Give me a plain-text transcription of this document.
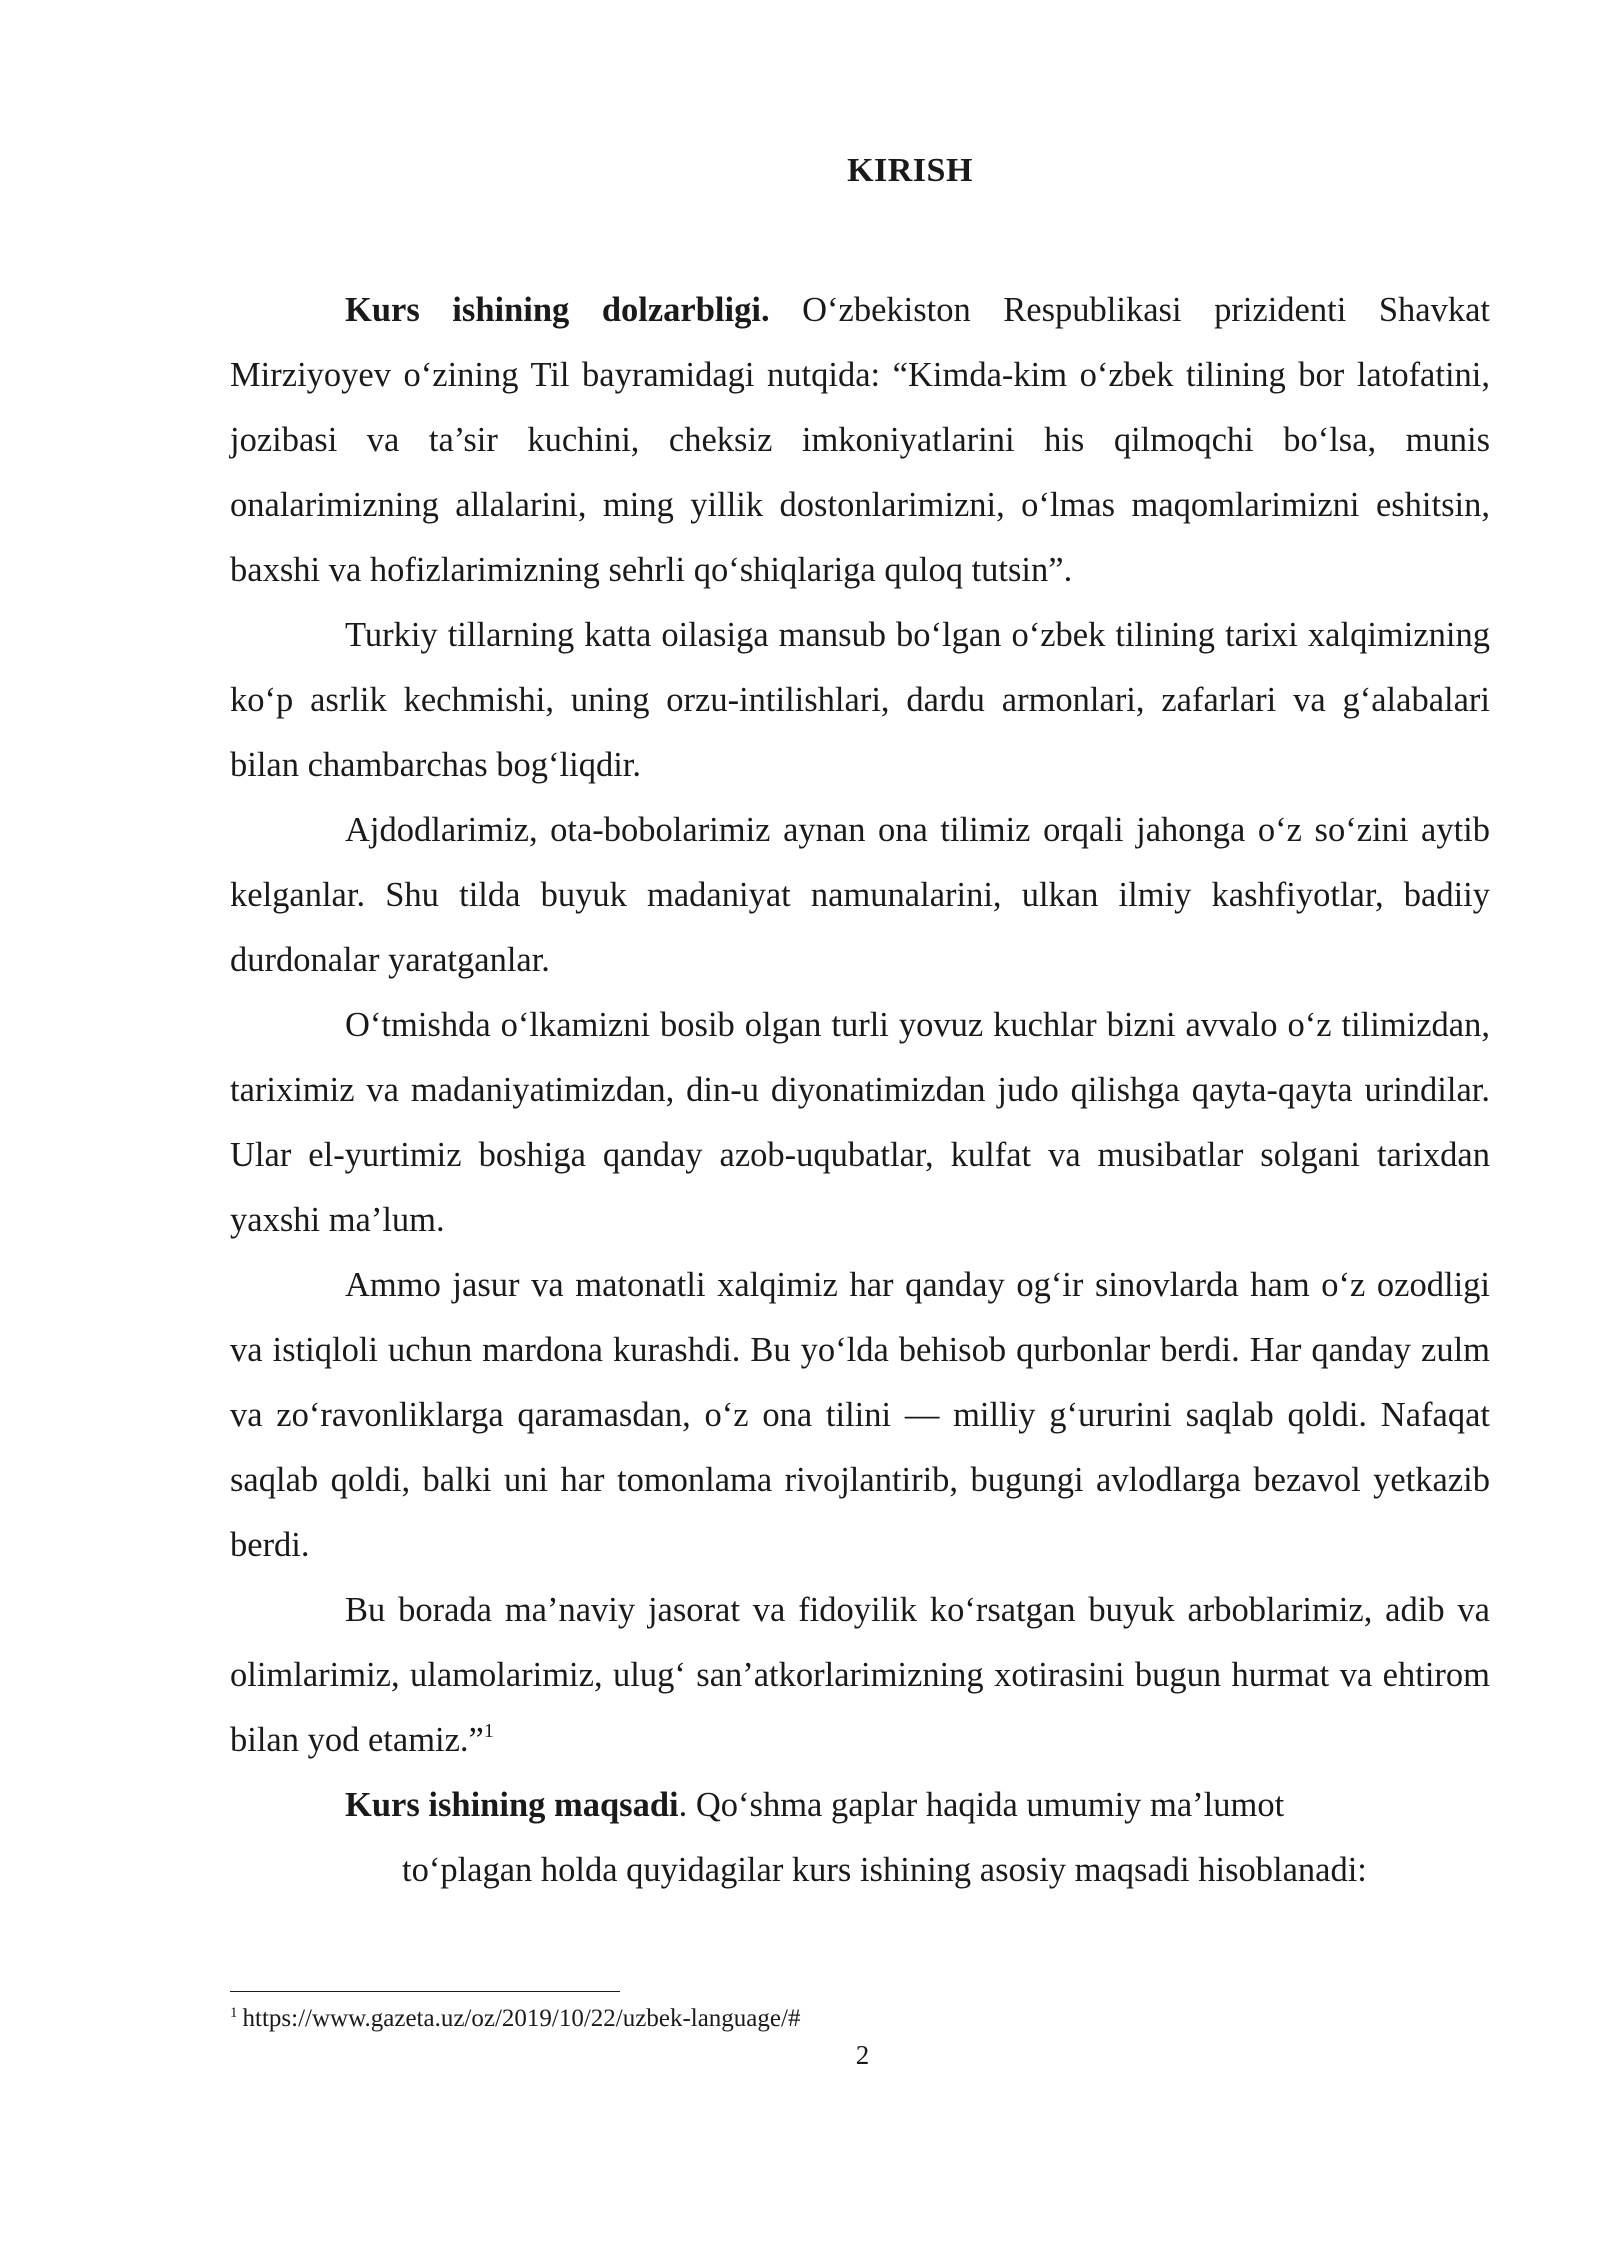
KIRISH

Kurs ishining dolzarbligi. O‘zbekiston Respublikasi prizidenti Shavkat Mirziyoyev o‘zining Til bayramidagi nutqida: “Kimda-kim o‘zbek tilining bor latofatini, jozibasi va ta’sir kuchini, cheksiz imkoniyatlarini his qilmoqchi bo‘lsa, munis onalarimizning allalarini, ming yillik dostonlarimizni, o‘lmas maqomlarimizni eshitsin, baxshi va hofizlarimizning sehrli qo‘shiqlariga quloq tutsin”.

Turkiy tillarning katta oilasiga mansub bo‘lgan o‘zbek tilining tarixi xalqimizning ko‘p asrlik kechmishi, uning orzu-intilishlari, dardu armonlari, zafarlari va g‘alabalari bilan chambarchas bog‘liqdir.

Ajdodlarimiz, ota-bobolarimiz aynan ona tilimiz orqali jahonga o‘z so‘zini aytib kelganlar. Shu tilda buyuk madaniyat namunalarini, ulkan ilmiy kashfiyotlar, badiiy durdonalar yaratganlar.

O‘tmishda o‘lkamizni bosib olgan turli yovuz kuchlar bizni avvalo o‘z tilimizdan, tariximiz va madaniyatimizdan, din-u diyonatimizdan judo qilishga qayta-qayta urindilar. Ular el-yurtimiz boshiga qanday azob-uqubatlar, kulfat va musibatlar solgani tarixdan yaxshi ma’lum.

Ammo jasur va matonatli xalqimiz har qanday og‘ir sinovlarda ham o‘z ozodligi va istiqloli uchun mardona kurashdi. Bu yo‘lda behisob qurbonlar berdi. Har qanday zulm va zo‘ravonliklarga qaramasdan, o‘z ona tilini — milliy g‘ururini saqlab qoldi. Nafaqat saqlab qoldi, balki uni har tomonlama rivojlantirib, bugungi avlodlarga bezavol yetkazib berdi.

Bu borada ma’naviy jasorat va fidoyilik ko‘rsatgan buyuk arboblarimiz, adib va olimlarimiz, ulamolarimiz, ulug‘ san’atkorlarimizning xotirasini bugun hurmat va ehtirom bilan yod etamiz.”$^1$

Kurs ishining maqsadi. Qo‘shma gaplar haqida umumiy ma’lumot

to‘plagan holda quyidagilar kurs ishining asosiy maqsadi hisoblanadi:

$^1$ https://www.gazeta.uz/oz/2019/10/22/uzbek-language/#
2
